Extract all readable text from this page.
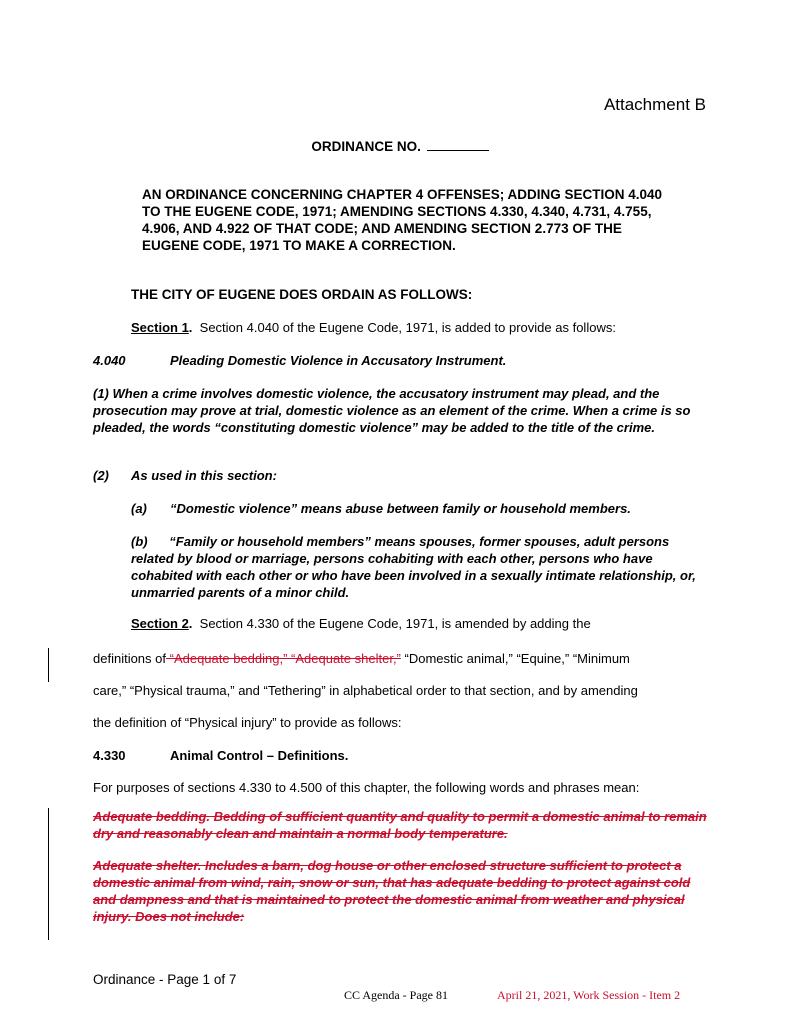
Attachment B
ORDINANCE NO.
AN ORDINANCE CONCERNING CHAPTER 4 OFFENSES; ADDING SECTION 4.040 TO THE EUGENE CODE, 1971; AMENDING SECTIONS 4.330, 4.340, 4.731, 4.755, 4.906, AND 4.922 OF THAT CODE; AND AMENDING SECTION 2.773 OF THE EUGENE CODE, 1971 TO MAKE A CORRECTION.
THE CITY OF EUGENE DOES ORDAIN AS FOLLOWS:
Section 1. Section 4.040 of the Eugene Code, 1971, is added to provide as follows:
4.040	Pleading Domestic Violence in Accusatory Instrument.
(1) When a crime involves domestic violence, the accusatory instrument may plead, and the prosecution may prove at trial, domestic violence as an element of the crime. When a crime is so pleaded, the words “constituting domestic violence” may be added to the title of the crime.
(2) As used in this section:
(a) “Domestic violence” means abuse between family or household members.
(b) “Family or household members” means spouses, former spouses, adult persons related by blood or marriage, persons cohabiting with each other, persons who have cohabited with each other or who have been involved in a sexually intimate relationship, or, unmarried parents of a minor child.
Section 2. Section 4.330 of the Eugene Code, 1971, is amended by adding the
definitions of “Adequate bedding,” “Adequate shelter,” “Domestic animal,” “Equine,” “Minimum
care,” “Physical trauma,” and “Tethering” in alphabetical order to that section, and by amending
the definition of “Physical injury” to provide as follows:
4.330	Animal Control – Definitions.
For purposes of sections 4.330 to 4.500 of this chapter, the following words and phrases mean:
Adequate bedding. Bedding of sufficient quantity and quality to permit a domestic animal to remain dry and reasonably clean and maintain a normal body temperature.
Adequate shelter. Includes a barn, dog house or other enclosed structure sufficient to protect a domestic animal from wind, rain, snow or sun, that has adequate bedding to protect against cold and dampness and that is maintained to protect the domestic animal from weather and physical injury. Does not include:
Ordinance - Page 1 of 7
CC Agenda - Page 81	April 21, 2021, Work Session - Item 2
